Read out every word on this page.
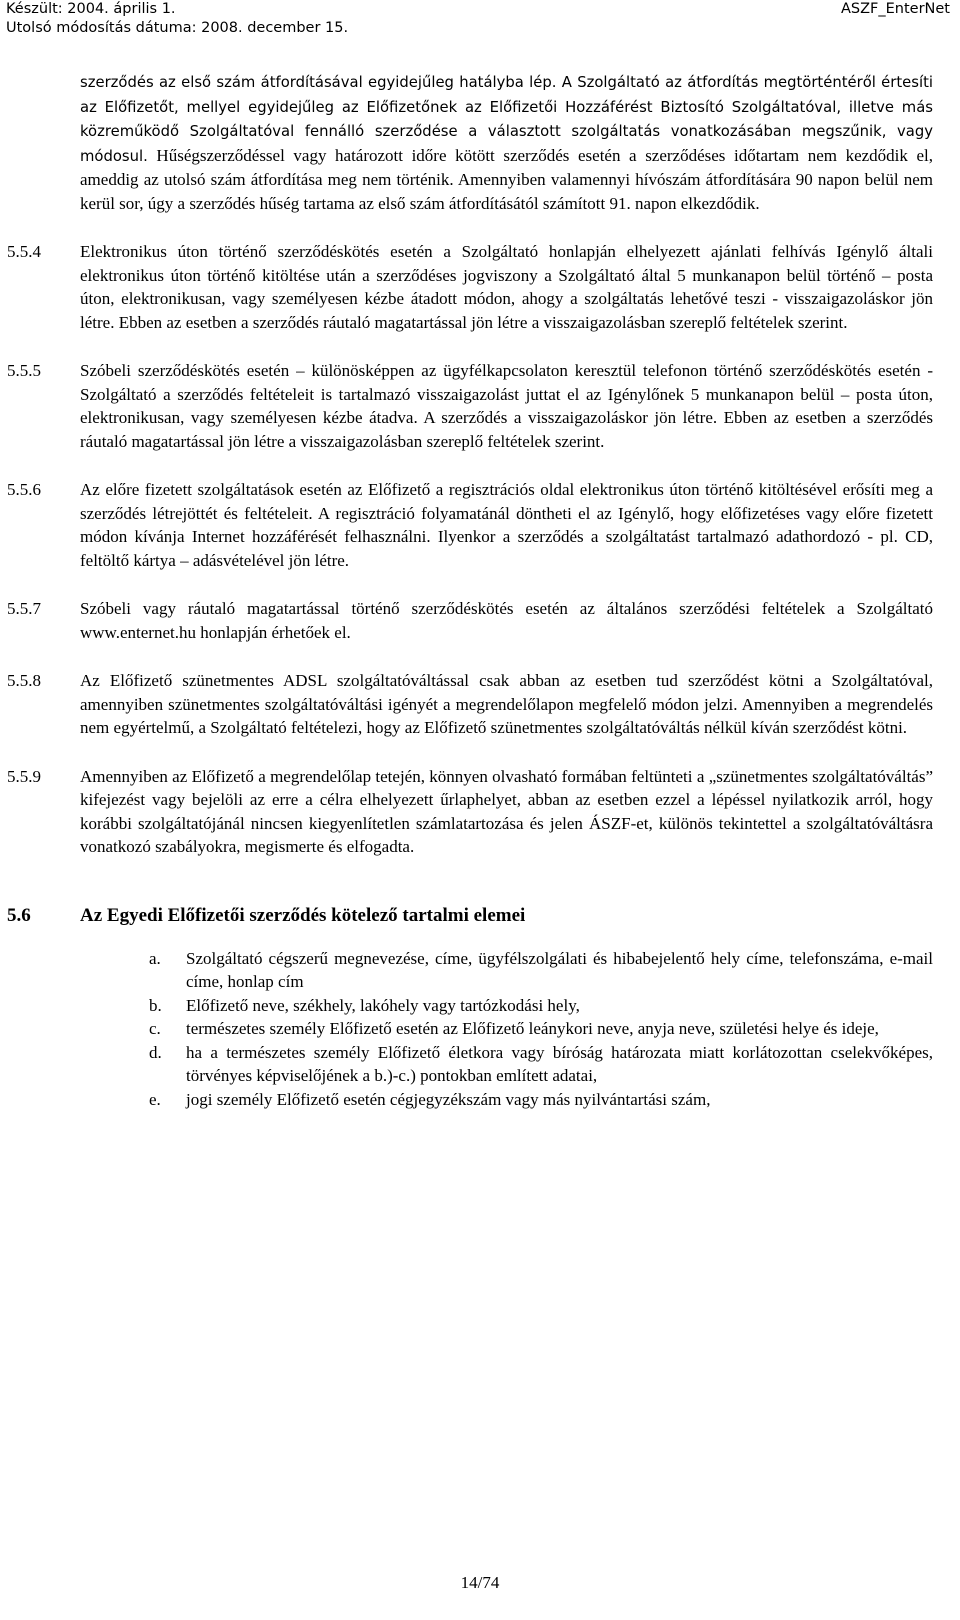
Készült: 2004. április 1.
Utolsó módosítás dátuma: 2008. december 15.
ASZF_EnterNet

szerződés az első szám átfordításával egyidejűleg hatályba lép. A Szolgáltató az átfordítás megtörténtéről értesíti az Előfizetőt, mellyel egyidejűleg az Előfizetőnek az Előfizetői Hozzáférést Biztosító Szolgáltatóval, illetve más közreműködő Szolgáltatóval fennálló szerződése a választott szolgáltatás vonatkozásában megszűnik, vagy módosul. Hűségszerződéssel vagy határozott időre kötött szerződés esetén a szerződéses időtartam nem kezdődik el, ameddig az utolsó szám átfordítása meg nem történik. Amennyiben valamennyi hívószám átfordítására 90 napon belül nem kerül sor, úgy a szerződés hűség tartama az első szám átfordításától számított 91. napon elkezdődik.

5.5.4 Elektronikus úton történő szerződéskötés esetén a Szolgáltató honlapján elhelyezett ajánlati felhívás Igénylő általi elektronikus úton történő kitöltése után a szerződéses jogviszony a Szolgáltató által 5 munkanapon belül történő – posta úton, elektronikusan, vagy személyesen kézbe átadott módon, ahogy a szolgáltatás lehetővé teszi - visszaigazoláskor jön létre. Ebben az esetben a szerződés ráutaló magatartással jön létre a visszaigazolásban szereplő feltételek szerint.

5.5.5 Szóbeli szerződéskötés esetén – különösképpen az ügyfélkapcsolaton keresztül telefonon történő szerződéskötés esetén - Szolgáltató a szerződés feltételeit is tartalmazó visszaigazolást juttat el az Igénylőnek 5 munkanapon belül – posta úton, elektronikusan, vagy személyesen kézbe átadva. A szerződés a visszaigazoláskor jön létre. Ebben az esetben a szerződés ráutaló magatartással jön létre a visszaigazolásban szereplő feltételek szerint.

5.5.6 Az előre fizetett szolgáltatások esetén az Előfizető a regisztrációs oldal elektronikus úton történő kitöltésével erősíti meg a szerződés létrejöttét és feltételeit. A regisztráció folyamatánál döntheti el az Igénylő, hogy előfizetéses vagy előre fizetett módon kívánja Internet hozzáférését felhasználni. Ilyenkor a szerződés a szolgáltatást tartalmazó adathordozó - pl. CD, feltöltő kártya – adásvételével jön létre.

5.5.7 Szóbeli vagy ráutaló magatartással történő szerződéskötés esetén az általános szerződési feltételek a Szolgáltató www.enternet.hu honlapján érhetőek el.

5.5.8 Az Előfizető szünetmentes ADSL szolgáltatóváltással csak abban az esetben tud szerződést kötni a Szolgáltatóval, amennyiben szünetmentes szolgáltatóváltási igényét a megrendelőlapon megfelelő módon jelzi. Amennyiben a megrendelés nem egyértelmű, a Szolgáltató feltételezi, hogy az Előfizető szünetmentes szolgáltatóváltás nélkül kíván szerződést kötni.

5.5.9 Amennyiben az Előfizető a megrendelőlap tetején, könnyen olvasható formában feltünteti a „szünetmentes szolgáltatóváltás” kifejezést vagy bejelöli az erre a célra elhelyezett űrlaphelyet, abban az esetben ezzel a lépéssel nyilatkozik arról, hogy korábbi szolgáltatójánál nincsen kiegyenlítetlen számlatartozása és jelen ÁSZF-et, különös tekintettel a szolgáltatóváltásra vonatkozó szabályokra, megismerte és elfogadta.

5.6	Az Egyedi Előfizetői szerződés kötelező tartalmi elemei
a. Szolgáltató cégszerű megnevezése, címe, ügyfélszolgálati és hibabejelentő hely címe, telefonszáma, e-mail címe, honlap cím
b. Előfizető neve, székhely, lakóhely vagy tartózkodási hely,
c. természetes személy Előfizető esetén az Előfizető leánykori neve, anyja neve, születési helye és ideje,
d. ha a természetes személy Előfizető életkora vagy bíróság határozata miatt korlátozottan cselekvőképes, törvényes képviselőjének a b.)-c.) pontokban említett adatai,
e. jogi személy Előfizető esetén cégjegyzékszám vagy más nyilvántartási szám,
14/74
